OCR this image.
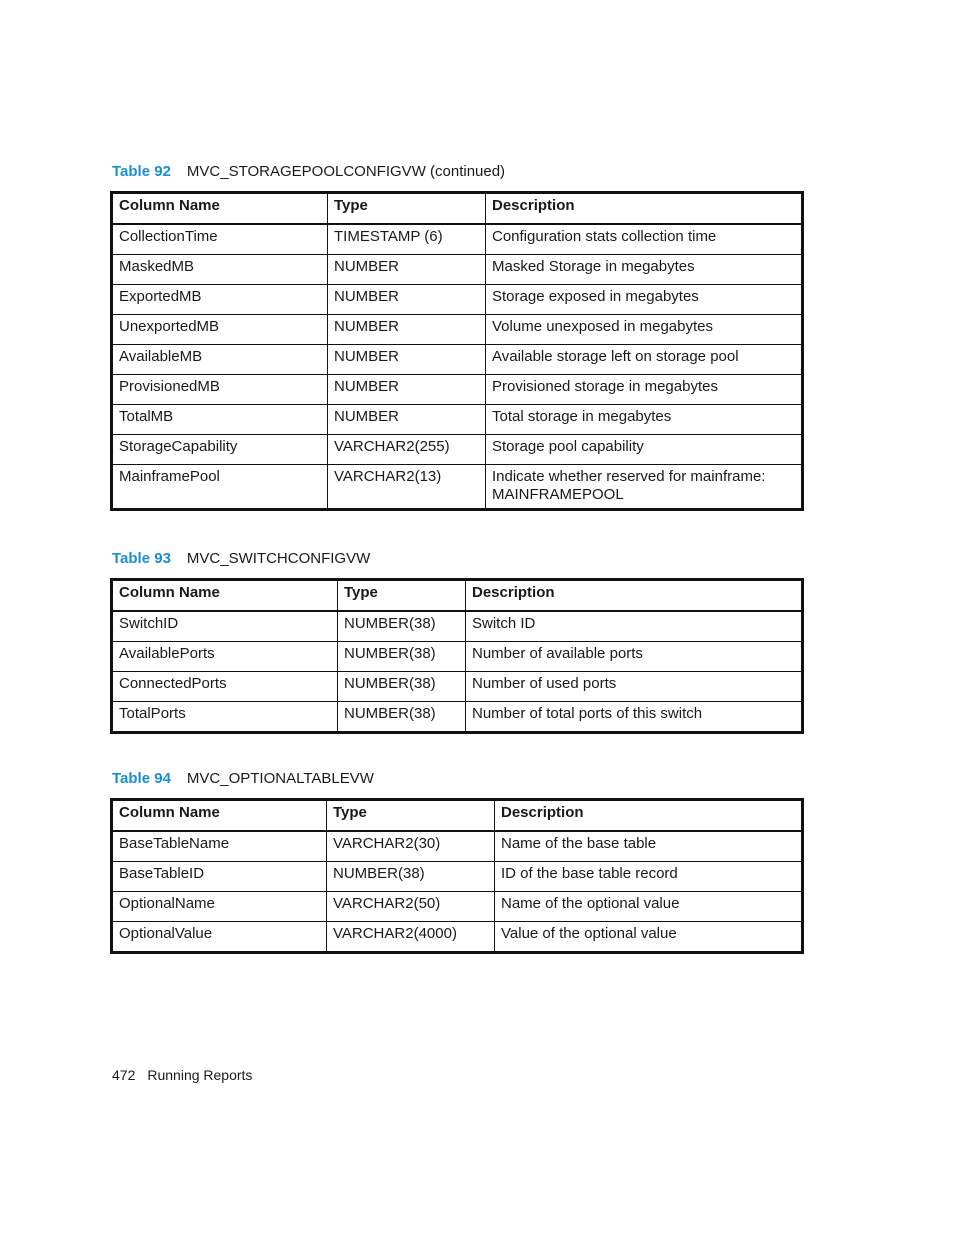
Table 92 MVC_STORAGEPOOLCONFIGVW (continued)
Column Name	Type	Description
CollectionTime	TIMESTAMP (6)	Configuration stats collection time
MaskedMB	NUMBER	Masked Storage in megabytes
ExportedMB	NUMBER	Storage exposed in megabytes
UnexportedMB	NUMBER	Volume unexposed in megabytes
AvailableMB	NUMBER	Available storage left on storage pool
ProvisionedMB	NUMBER	Provisioned storage in megabytes
TotalMB	NUMBER	Total storage in megabytes
StorageCapability	VARCHAR2(255)	Storage pool capability
MainframePool	VARCHAR2(13)	Indicate whether reserved for mainframe: MAINFRAMEPOOL
Table 93 MVC_SWITCHCONFIGVW
Column Name	Type	Description
SwitchID	NUMBER(38)	Switch ID
AvailablePorts	NUMBER(38)	Number of available ports
ConnectedPorts	NUMBER(38)	Number of used ports
TotalPorts	NUMBER(38)	Number of total ports of this switch
Table 94 MVC_OPTIONALTABLEVW
Column Name	Type	Description
BaseTableName	VARCHAR2(30)	Name of the base table
BaseTableID	NUMBER(38)	ID of the base table record
OptionalName	VARCHAR2(50)	Name of the optional value
OptionalValue	VARCHAR2(4000)	Value of the optional value
472 Running Reports
